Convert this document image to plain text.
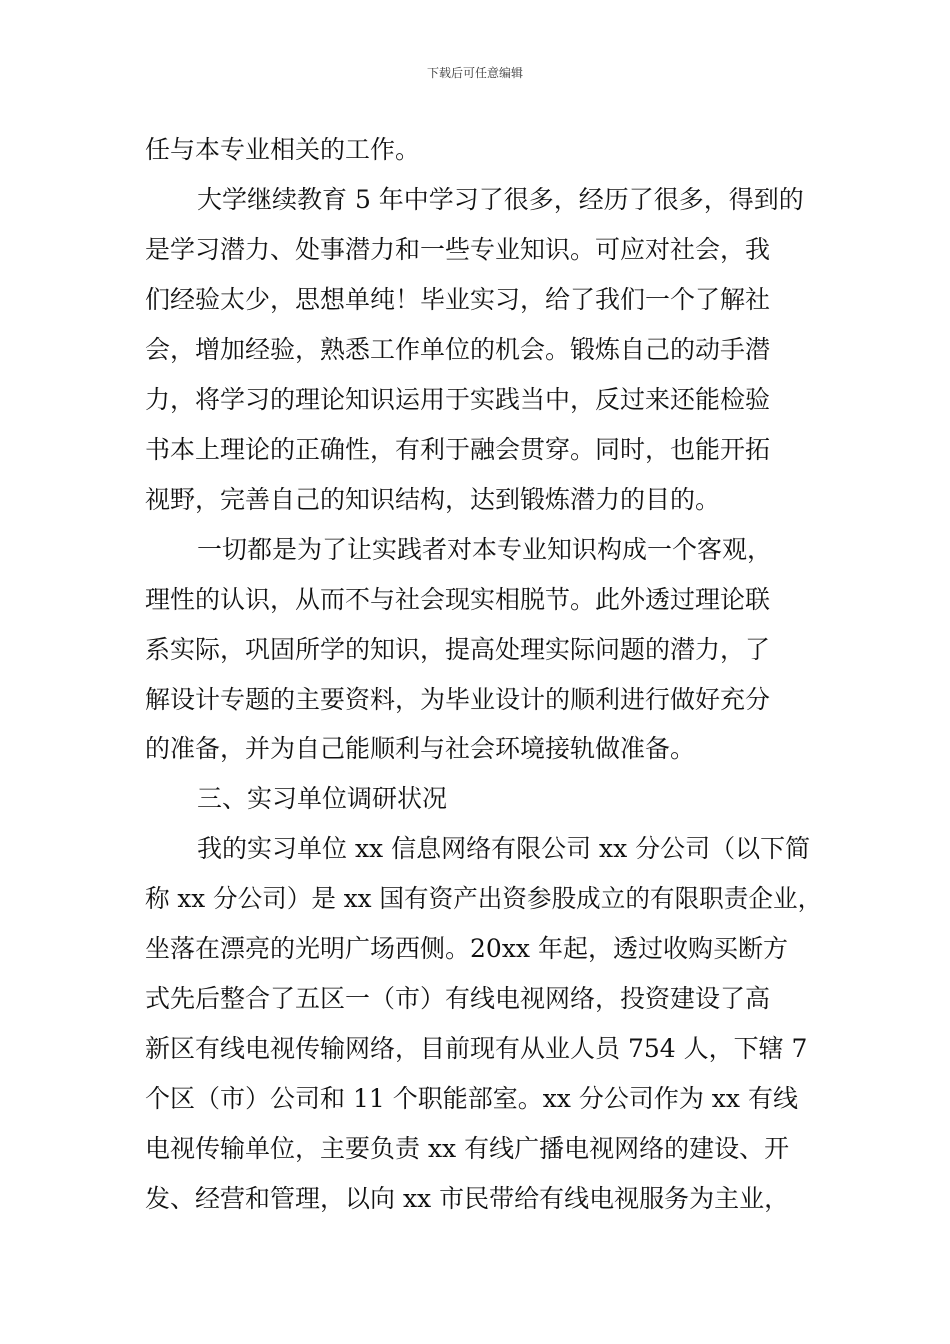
下载后可任意编辑
任与本专业相关的工作。
大学继续教育 5 年中学习了很多，经历了很多，得到的
是学习潜力、处事潜力和一些专业知识。可应对社会，我
们经验太少，思想单纯！毕业实习，给了我们一个了解社
会，增加经验，熟悉工作单位的机会。锻炼自己的动手潜
力，将学习的理论知识运用于实践当中，反过来还能检验
书本上理论的正确性，有利于融会贯穿。同时，也能开拓
视野，完善自己的知识结构，达到锻炼潜力的目的。
一切都是为了让实践者对本专业知识构成一个客观，
理性的认识，从而不与社会现实相脱节。此外透过理论联
系实际，巩固所学的知识，提高处理实际问题的潜力，了
解设计专题的主要资料，为毕业设计的顺利进行做好充分
的准备，并为自己能顺利与社会环境接轨做准备。
三、实习单位调研状况
我的实习单位 xx 信息网络有限公司 xx 分公司（以下简
称 xx 分公司）是 xx 国有资产出资参股成立的有限职责企业，
坐落在漂亮的光明广场西侧。20xx 年起，透过收购买断方
式先后整合了五区一（市）有线电视网络，投资建设了高
新区有线电视传输网络，目前现有从业人员 754 人，下辖 7
个区（市）公司和 11 个职能部室。xx 分公司作为 xx 有线
电视传输单位，主要负责 xx 有线广播电视网络的建设、开
发、经营和管理，以向 xx 市民带给有线电视服务为主业，
